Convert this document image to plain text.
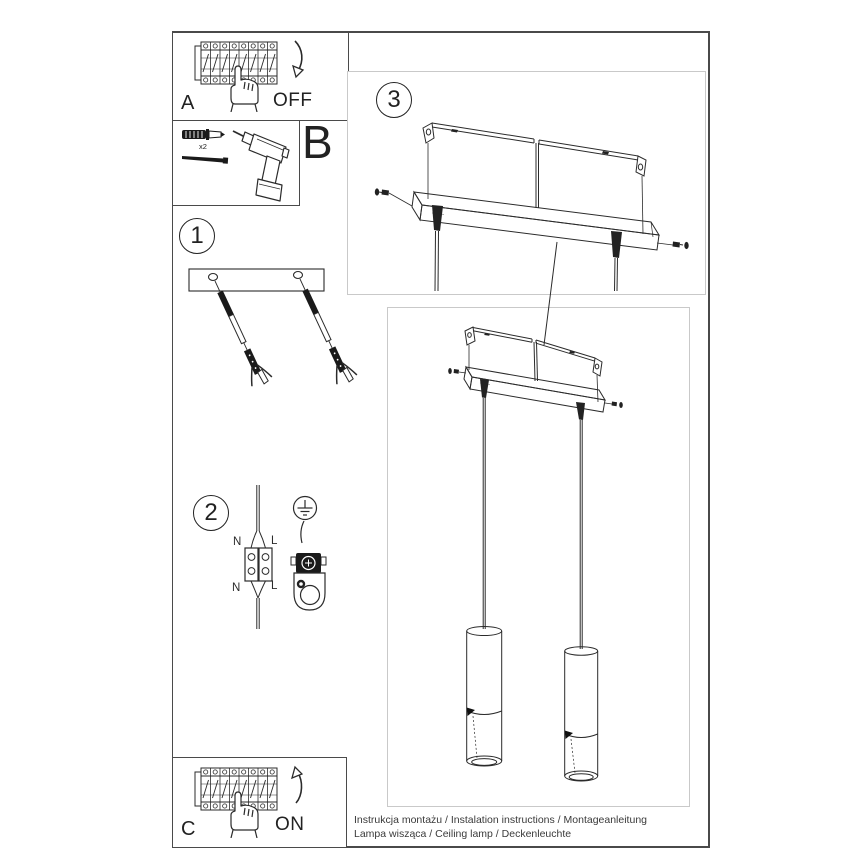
OFF
A
x2 B
1
2
N	L
N	L
3
ON
C	Instrukcja montażu / Instalation instructions / Montageanleitung
Lampa wisząca / Ceiling lamp / Deckenleuchte
